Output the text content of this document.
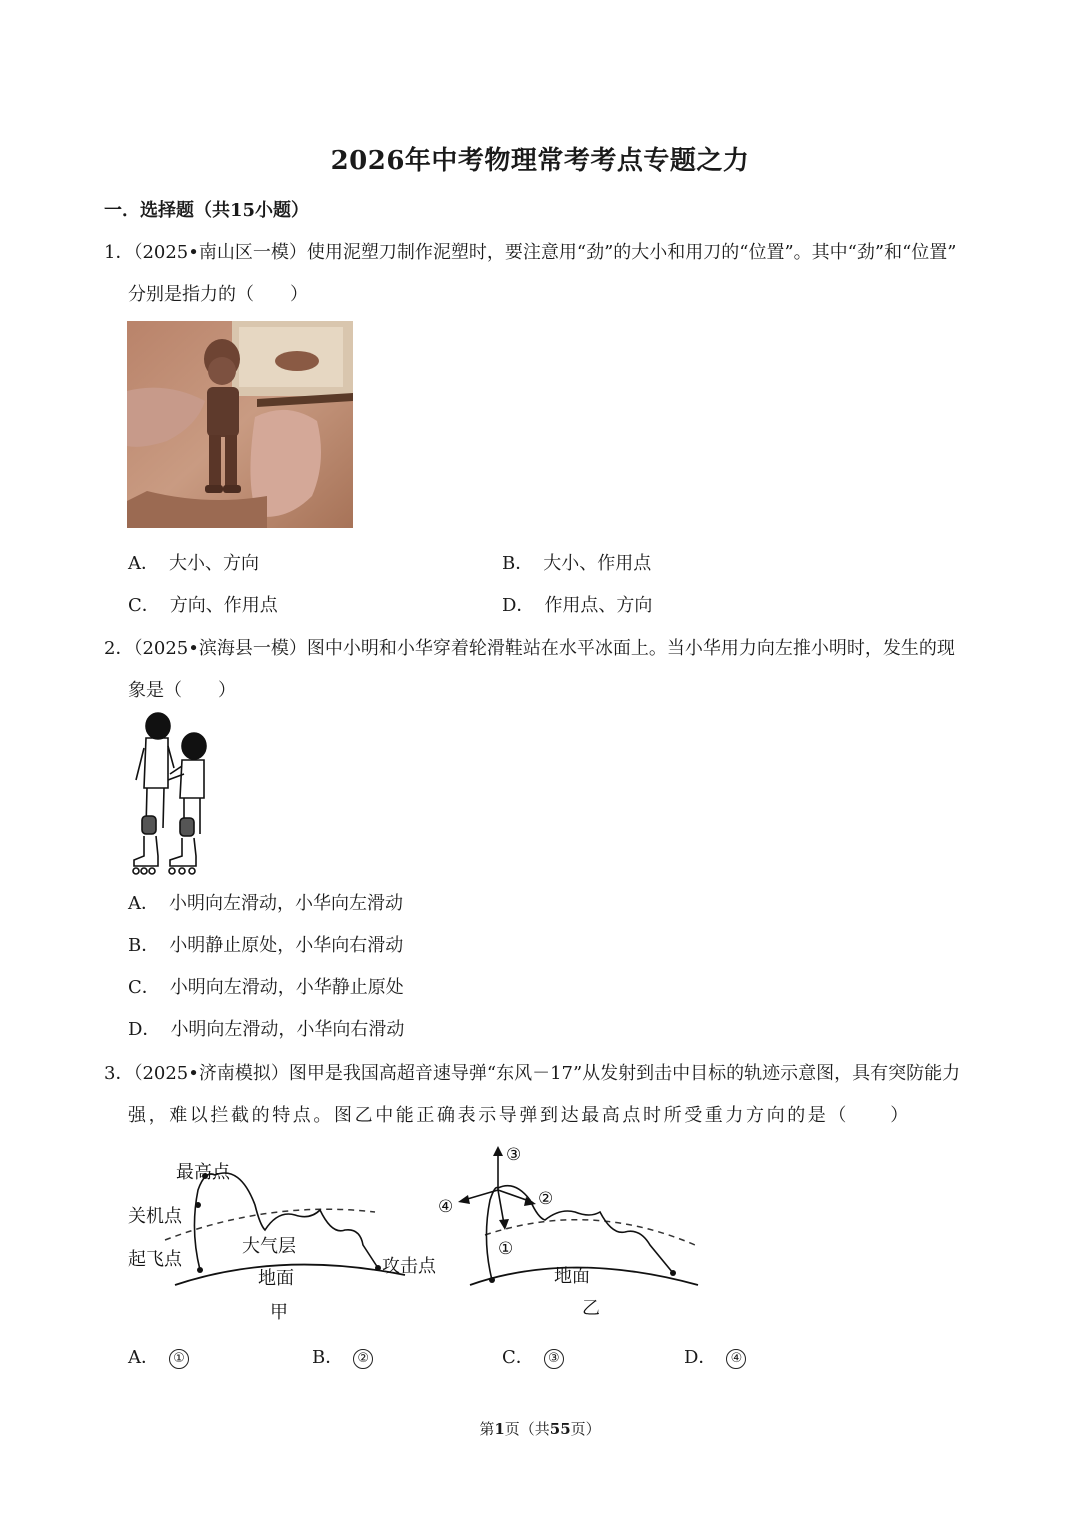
2026年中考物理常考考点专题之力
一．选择题（共15小题）
1．（2025•南山区一模）使用泥塑刀制作泥塑时，要注意用“劲”的大小和用刀的“位置”。其中“劲”和“位置”
分别是指力的（　　）
A． 大小、方向	B． 大小、作用点
C． 方向、作用点	D． 作用点、方向
2．（2025•滨海县一模）图中小明和小华穿着轮滑鞋站在水平冰面上。当小华用力向左推小明时，发生的现
象是（　　）
A． 小明向左滑动，小华向左滑动
B． 小明静止原处，小华向右滑动
C． 小明向左滑动，小华静止原处
D． 小明向左滑动，小华向右滑动
3．（2025•济南模拟）图甲是我国高超音速导弹“东风－17”从发射到击中目标的轨迹示意图，具有突防能力
强，难以拦截的特点。图乙中能正确表示导弹到达最高点时所受重力方向的是（　　）
最高点
关机点
大气层
起飞点
地面
攻击点
甲
③
②
④
①
地面
乙
A． ①	B． ②	C． ③	D． ④
第1页（共55页）
